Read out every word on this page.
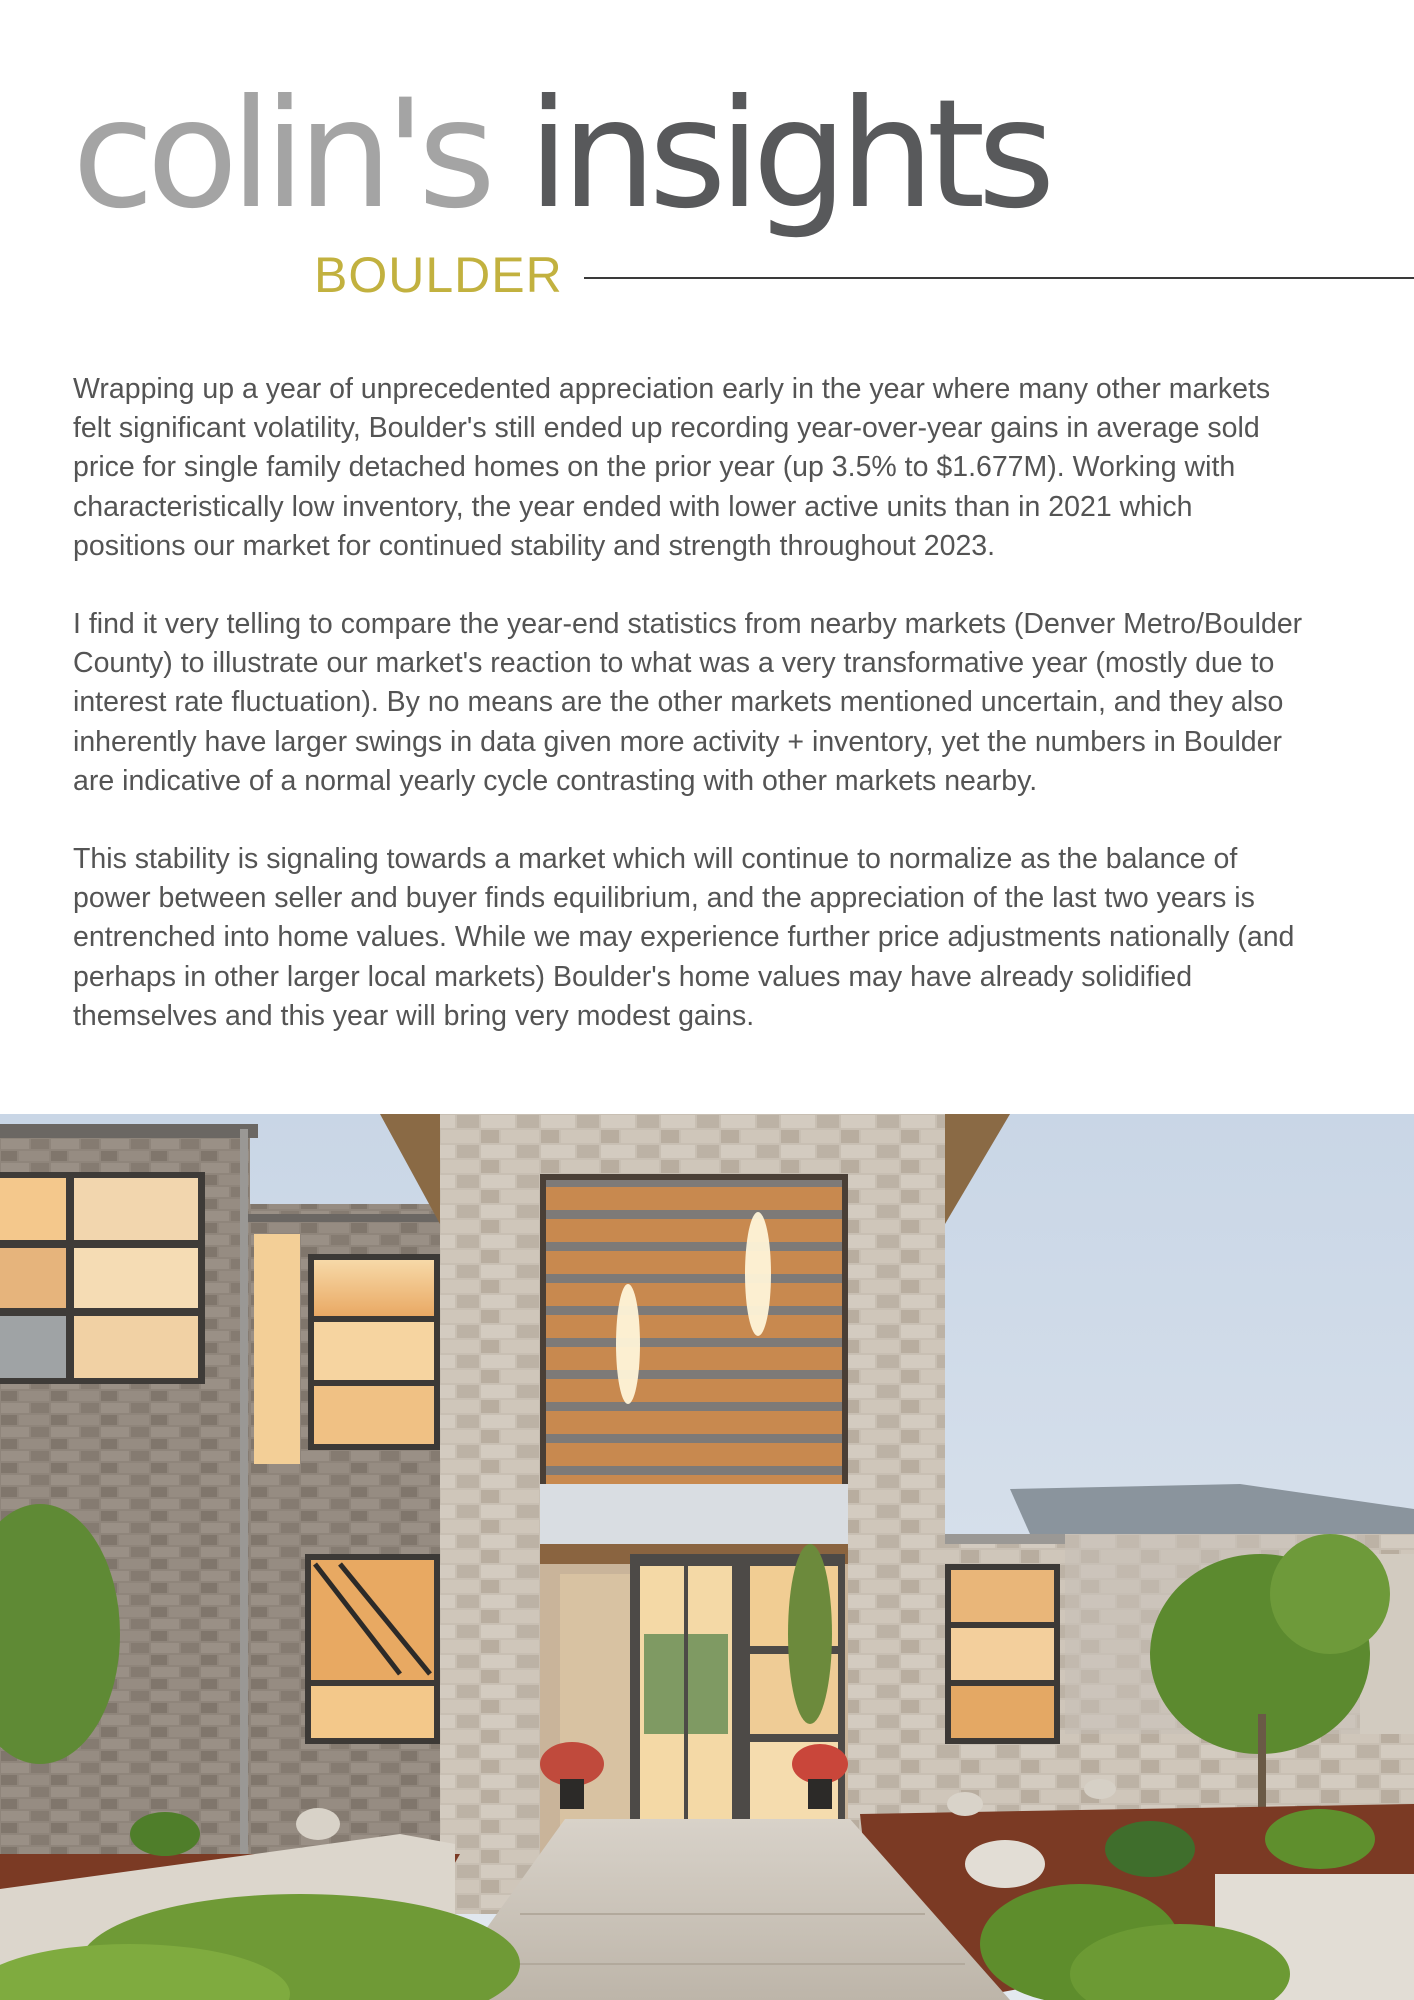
colin's insights
BOULDER

Wrapping up a year of unprecedented appreciation early in the year where many other markets
felt significant volatility, Boulder's still ended up recording year-over-year gains in average sold
price for single family detached homes on the prior year (up 3.5% to $1.677M). Working with
characteristically low inventory, the year ended with lower active units than in 2021 which
positions our market for continued stability and strength throughout 2023.

I find it very telling to compare the year-end statistics from nearby markets (Denver Metro/Boulder
County) to illustrate our market's reaction to what was a very transformative year (mostly due to
interest rate fluctuation). By no means are the other markets mentioned uncertain, and they also
inherently have larger swings in data given more activity + inventory, yet the numbers in Boulder
are indicative of a normal yearly cycle contrasting with other markets nearby.

This stability is signaling towards a market which will continue to normalize as the balance of
power between seller and buyer finds equilibrium, and the appreciation of the last two years is
entrenched into home values. While we may experience further price adjustments nationally (and
perhaps in other larger local markets) Boulder's home values may have already solidified
themselves and this year will bring very modest gains.
